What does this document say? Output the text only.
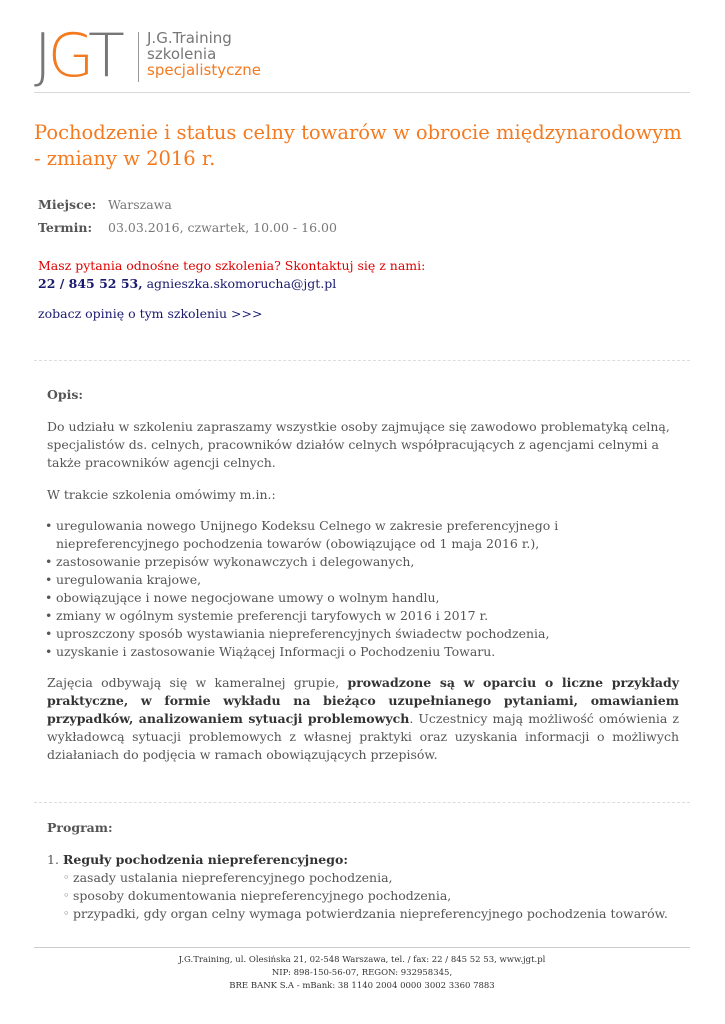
JGT J.G.Training
szkolenia
specjalistyczne
Pochodzenie i status celny towarów w obrocie międzynarodowym - zmiany w 2016 r.
Miejsce: Warszawa
Termin: 03.03.2016, czwartek, 10.00 - 16.00
Masz pytania odnośne tego szkolenia? Skontaktuj się z nami:
22 / 845 52 53, agnieszka.skomorucha@jgt.pl
zobacz opinię o tym szkoleniu >>>

Opis:

Do udziału w szkoleniu zapraszamy wszystkie osoby zajmujące się zawodowo problematyką celną, specjalistów ds. celnych, pracowników działów celnych współpracujących z agencjami celnymi a także pracowników agencji celnych.

W trakcie szkolenia omówimy m.in.:

• uregulowania nowego Unijnego Kodeksu Celnego w zakresie preferencyjnego i niepreferencyjnego pochodzenia towarów (obowiązujące od 1 maja 2016 r.),
• zastosowanie przepisów wykonawczych i delegowanych,
• uregulowania krajowe,
• obowiązujące i nowe negocjowane umowy o wolnym handlu,
• zmiany w ogólnym systemie preferencji taryfowych w 2016 i 2017 r.
• uproszczony sposób wystawiania niepreferencyjnych świadectw pochodzenia,
• uzyskanie i zastosowanie Wiążącej Informacji o Pochodzeniu Towaru.

Zajęcia odbywają się w kameralnej grupie, prowadzone są w oparciu o liczne przykłady praktyczne, w formie wykładu na bieżąco uzupełnianego pytaniami, omawianiem przypadków, analizowaniem sytuacji problemowych. Uczestnicy mają możliwość omówienia z wykładowcą sytuacji problemowych z własnej praktyki oraz uzyskania informacji o możliwych działaniach do podjęcia w ramach obowiązujących przepisów.

Program:

1. Reguły pochodzenia niepreferencyjnego:
◦ zasady ustalania niepreferencyjnego pochodzenia,
◦ sposoby dokumentowania niepreferencyjnego pochodzenia,
◦ przypadki, gdy organ celny wymaga potwierdzania niepreferencyjnego pochodzenia towarów.
J.G.Training, ul. Olesińska 21, 02-548 Warszawa, tel. / fax: 22 / 845 52 53, www.jgt.pl
NIP: 898-150-56-07, REGON: 932958345,
BRE BANK S.A - mBank: 38 1140 2004 0000 3002 3360 7883
